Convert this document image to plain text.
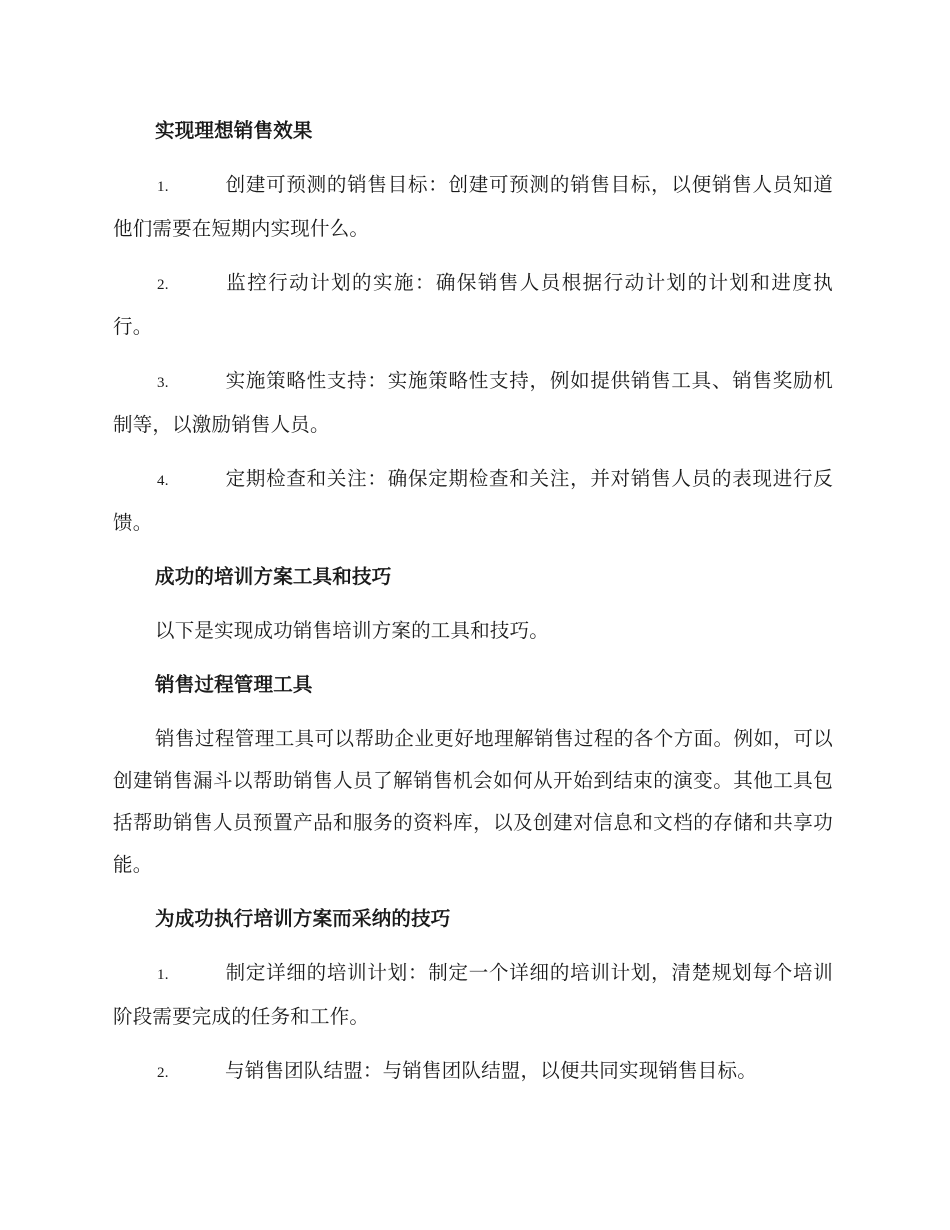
实现理想销售效果
1.	创建可预测的销售目标：创建可预测的销售目标，以便销售人员知道他们需要在短期内实现什么。
2.	监控行动计划的实施：确保销售人员根据行动计划的计划和进度执行。
3.	实施策略性支持：实施策略性支持，例如提供销售工具、销售奖励机制等，以激励销售人员。
4.	定期检查和关注：确保定期检查和关注，并对销售人员的表现进行反馈。
成功的培训方案工具和技巧
以下是实现成功销售培训方案的工具和技巧。
销售过程管理工具
销售过程管理工具可以帮助企业更好地理解销售过程的各个方面。例如，可以创建销售漏斗以帮助销售人员了解销售机会如何从开始到结束的演变。其他工具包括帮助销售人员预置产品和服务的资料库，以及创建对信息和文档的存储和共享功能。
为成功执行培训方案而采纳的技巧
1.	制定详细的培训计划：制定一个详细的培训计划，清楚规划每个培训阶段需要完成的任务和工作。
2.	与销售团队结盟：与销售团队结盟，以便共同实现销售目标。
